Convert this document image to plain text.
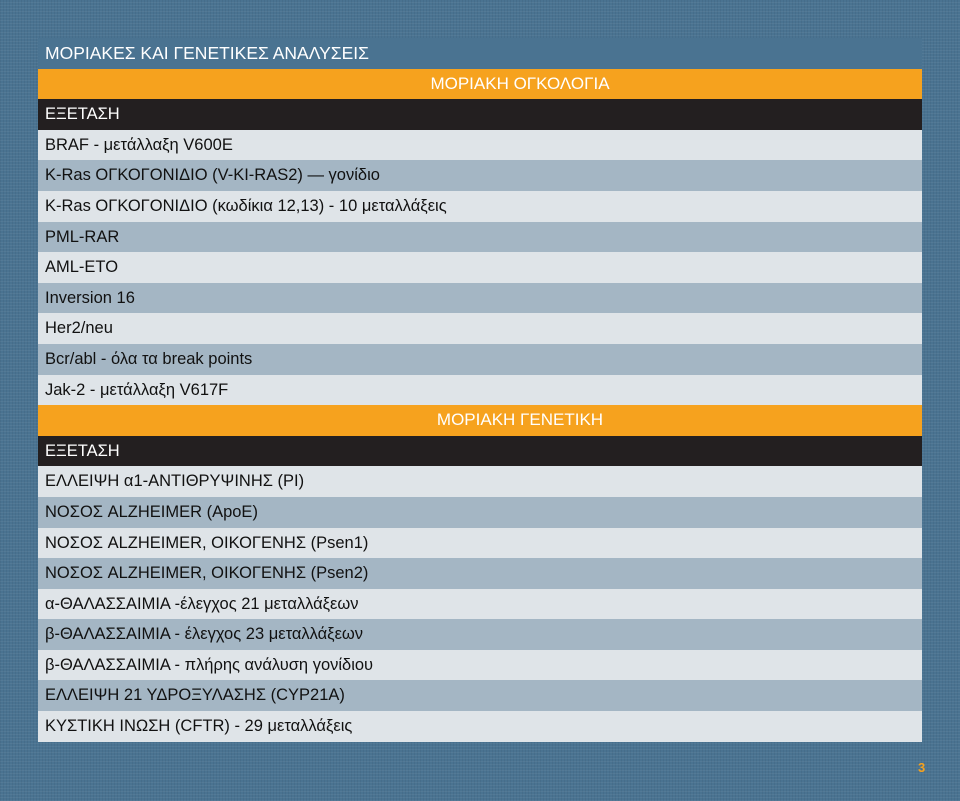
ΜΟΡΙΑΚΕΣ ΚΑΙ ΓΕΝΕΤΙΚΕΣ ΑΝΑΛΥΣΕΙΣ
ΜΟΡΙΑΚΗ ΟΓΚΟΛΟΓΙΑ
ΕΞΕΤΑΣΗ
BRAF - μετάλλαξη V600E
K-Ras ΟΓΚΟΓΟΝΙΔΙΟ (V-KI-RAS2) — γονίδιο
K-Ras ΟΓΚΟΓΟΝΙΔΙΟ (κωδίκια 12,13) - 10 μεταλλάξεις
PML-RAR
AML-ETO
Inversion 16
Her2/neu
Bcr/abl - όλα τα break points
Jak-2 - μετάλλαξη V617F
ΜΟΡΙΑΚΗ ΓΕΝΕΤΙΚΗ
ΕΞΕΤΑΣΗ
ΕΛΛΕΙΨΗ α1-ΑΝΤΙΘΡΥΨΙΝΗΣ (PI)
ΝΟΣΟΣ ALZHEIMER (ApoE)
ΝΟΣΟΣ ALZHEIMER, ΟΙΚΟΓΕΝΗΣ (Psen1)
ΝΟΣΟΣ ALZHEIMER, ΟΙΚΟΓΕΝΗΣ (Psen2)
α-ΘΑΛΑΣΣΑΙΜΙΑ -έλεγχος 21 μεταλλάξεων
β-ΘΑΛΑΣΣΑΙΜΙΑ - έλεγχος 23 μεταλλάξεων
β-ΘΑΛΑΣΣΑΙΜΙΑ - πλήρης ανάλυση γονίδιου
ΕΛΛΕΙΨΗ 21 ΥΔΡΟΞΥΛΑΣΗΣ (CYP21A)
ΚΥΣΤΙΚΗ ΙΝΩΣΗ (CFTR) - 29 μεταλλάξεις
3
